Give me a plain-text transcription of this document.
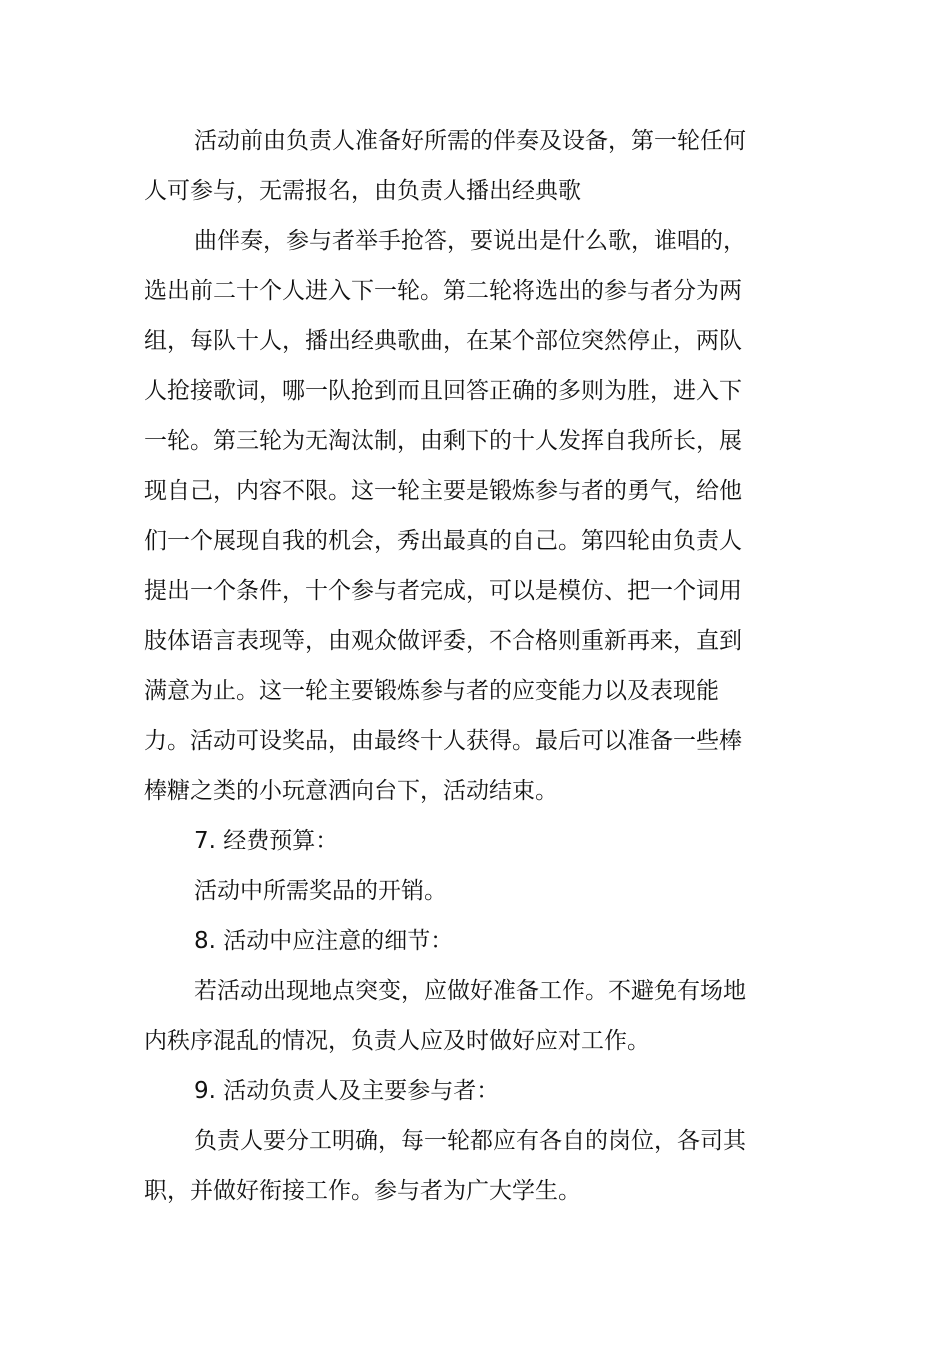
活动前由负责人准备好所需的伴奏及设备，第一轮任何

人可参与，无需报名，由负责人播出经典歌

曲伴奏，参与者举手抢答，要说出是什么歌，谁唱的，

选出前二十个人进入下一轮。第二轮将选出的参与者分为两

组，每队十人，播出经典歌曲，在某个部位突然停止，两队

人抢接歌词，哪一队抢到而且回答正确的多则为胜，进入下

一轮。第三轮为无淘汰制，由剩下的十人发挥自我所长，展

现自己，内容不限。这一轮主要是锻炼参与者的勇气，给他

们一个展现自我的机会，秀出最真的自己。第四轮由负责人

提出一个条件，十个参与者完成，可以是模仿、把一个词用

肢体语言表现等，由观众做评委，不合格则重新再来，直到

满意为止。这一轮主要锻炼参与者的应变能力以及表现能

力。活动可设奖品，由最终十人获得。最后可以准备一些棒

棒糖之类的小玩意洒向台下，活动结束。

7. 经费预算：

活动中所需奖品的开销。

8. 活动中应注意的细节：

若活动出现地点突变，应做好准备工作。不避免有场地

内秩序混乱的情况，负责人应及时做好应对工作。

9. 活动负责人及主要参与者：

负责人要分工明确，每一轮都应有各自的岗位，各司其

职，并做好衔接工作。参与者为广大学生。
